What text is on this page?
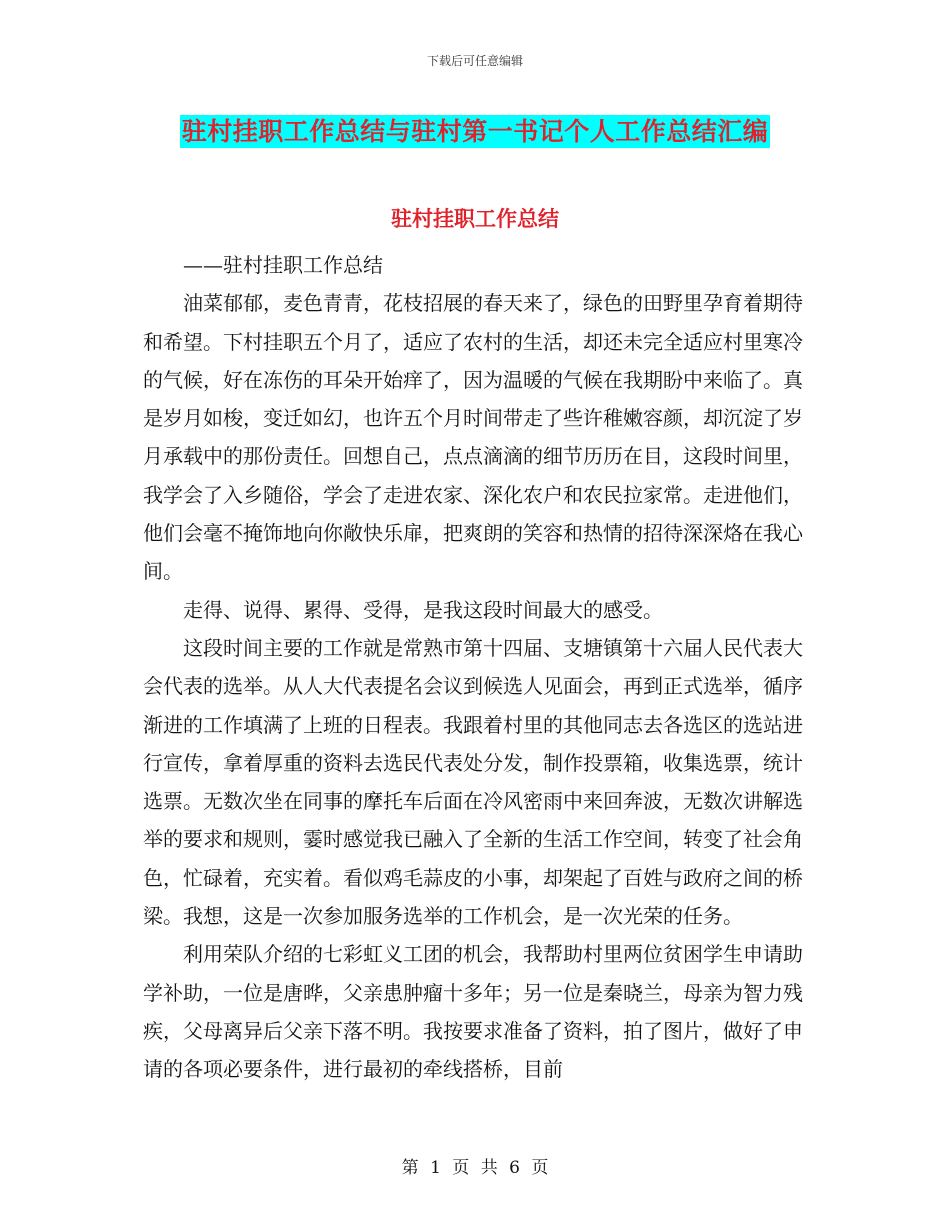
下载后可任意编辑
驻村挂职工作总结与驻村第一书记个人工作总结汇编
驻村挂职工作总结

——驻村挂职工作总结

油菜郁郁，麦色青青，花枝招展的春天来了，绿色的田野里孕育着期待和希望。下村挂职五个月了，适应了农村的生活，却还未完全适应村里寒冷的气候，好在冻伤的耳朵开始痒了，因为温暖的气候在我期盼中来临了。真是岁月如梭，变迁如幻，也许五个月时间带走了些许稚嫩容颜，却沉淀了岁月承载中的那份责任。回想自己，点点滴滴的细节历历在目，这段时间里，我学会了入乡随俗，学会了走进农家、深化农户和农民拉家常。走进他们，他们会毫不掩饰地向你敞快乐扉，把爽朗的笑容和热情的招待深深烙在我心间。

走得、说得、累得、受得，是我这段时间最大的感受。

这段时间主要的工作就是常熟市第十四届、支塘镇第十六届人民代表大会代表的选举。从人大代表提名会议到候选人见面会，再到正式选举，循序渐进的工作填满了上班的日程表。我跟着村里的其他同志去各选区的选站进行宣传，拿着厚重的资料去选民代表处分发，制作投票箱，收集选票，统计选票。无数次坐在同事的摩托车后面在冷风密雨中来回奔波，无数次讲解选举的要求和规则，霎时感觉我已融入了全新的生活工作空间，转变了社会角色，忙碌着，充实着。看似鸡毛蒜皮的小事，却架起了百姓与政府之间的桥梁。我想，这是一次参加服务选举的工作机会，是一次光荣的任务。

利用荣队介绍的七彩虹义工团的机会，我帮助村里两位贫困学生申请助学补助，一位是唐晔，父亲患肿瘤十多年；另一位是秦晓兰，母亲为智力残疾，父母离异后父亲下落不明。我按要求准备了资料，拍了图片，做好了申请的各项必要条件，进行最初的牵线搭桥，目前

第 1 页 共 6 页
